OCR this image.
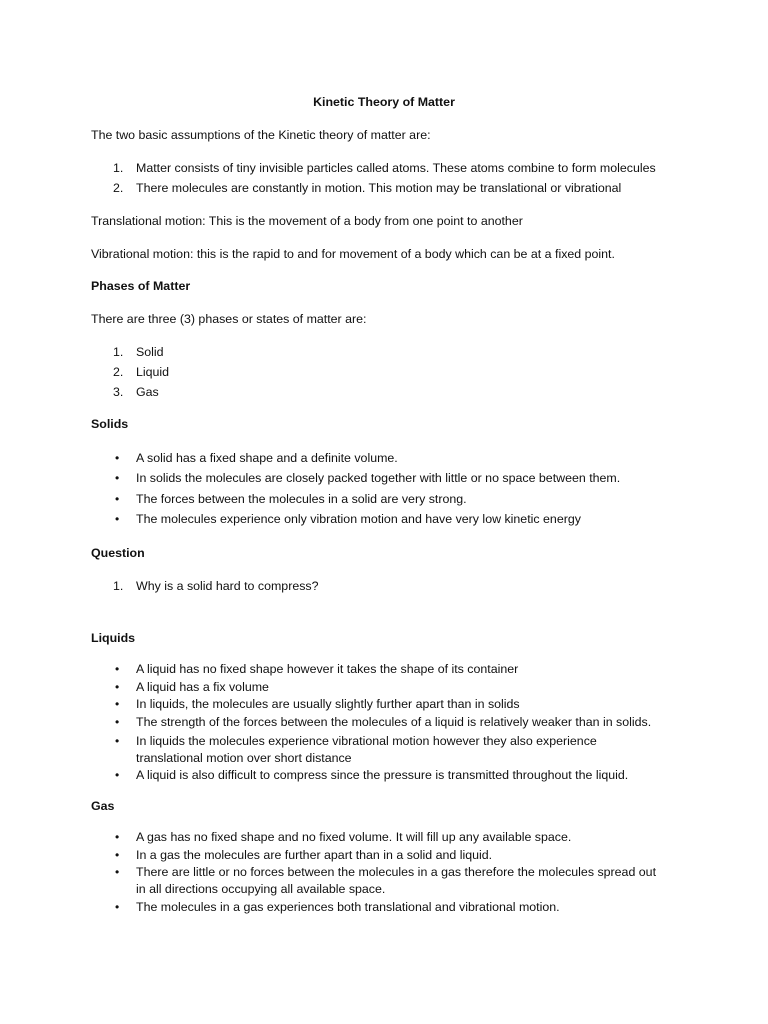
Kinetic Theory of Matter
The two basic assumptions of the Kinetic theory of matter are:
1. Matter consists of tiny invisible particles called atoms. These atoms combine to form molecules
2. There molecules are constantly in motion. This motion may be translational or vibrational
Translational motion: This is the movement of a body from one point to another
Vibrational motion: this is the rapid to and for movement of a body which can be at a fixed point.
Phases of Matter
There are three (3) phases or states of matter are:
1. Solid
2. Liquid
3. Gas
Solids
• A solid has a fixed shape and a definite volume.
• In solids the molecules are closely packed together with little or no space between them.
• The forces between the molecules in a solid are very strong.
• The molecules experience only vibration motion and have very low kinetic energy
Question
1. Why is a solid hard to compress?
Liquids
• A liquid has no fixed shape however it takes the shape of its container
• A liquid has a fix volume
• In liquids, the molecules are usually slightly further apart than in solids
• The strength of the forces between the molecules of a liquid is relatively weaker than in solids.
• In liquids the molecules experience vibrational motion however they also experience
translational motion over short distance
• A liquid is also difficult to compress since the pressure is transmitted throughout the liquid.
Gas
• A gas has no fixed shape and no fixed volume. It will fill up any available space.
• In a gas the molecules are further apart than in a solid and liquid.
• There are little or no forces between the molecules in a gas therefore the molecules spread out
in all directions occupying all available space.
• The molecules in a gas experiences both translational and vibrational motion.
